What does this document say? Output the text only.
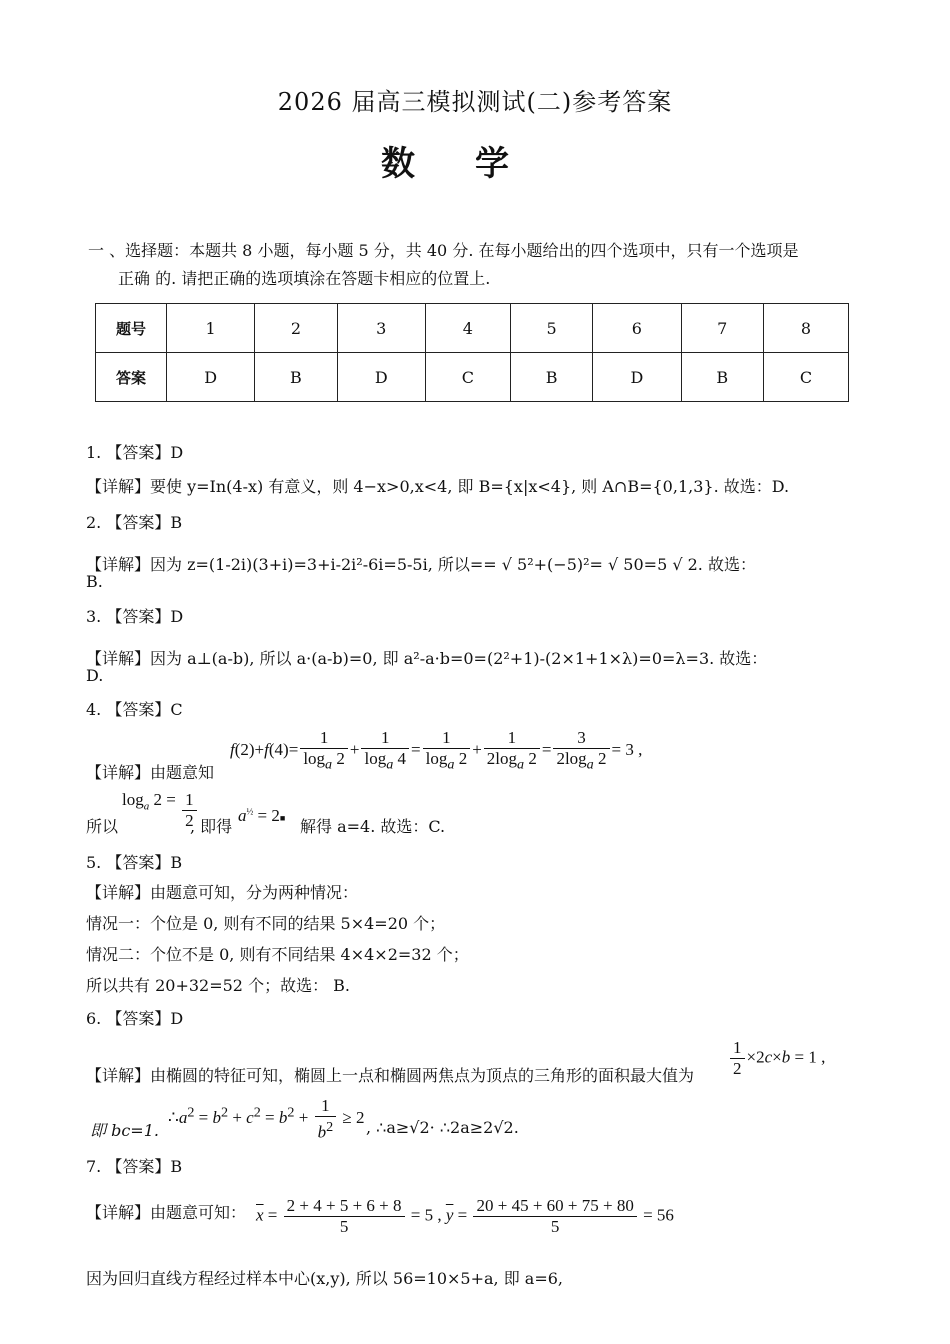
2026 届高三模拟测试(二)参考答案
数学
一 、选择题：本题共 8 小题，每小题 5 分，共 40 分. 在每小题给出的四个选项中，只有一个选项是
正确 的. 请把正确的选项填涂在答题卡相应的位置上.
题号	1	2	3	4	5	6	7	8
答案	D	B	D	C	B	D	B	C
1. 【答案】D
【详解】要使 y=In(4-x) 有意义，则 4−x>0,x<4, 即 B={x|x<4}, 则 A∩B={0,1,3}. 故选：D.
2. 【答案】B
【详解】因为 z=(1-2i)(3+i)=3+i-2i²-6i=5-5i, 所以== √ 5²+(−5)²= √ 50=5 √ 2. 故选：
B.
3. 【答案】D
【详解】因为 a⊥(a-b), 所以 a·(a-b)=0, 即 a²-a·b=0=(2²+1)-(2×1+1×λ)=0=λ=3. 故选：
D.
4. 【答案】C
$f(2)+f(4)= \frac{1}{\log_a 2} + \frac{1}{\log_a 4} = \frac{1}{\log_a 2} + \frac{1}{2\log_a 2} = \frac{3}{2\log_a 2} = 3$ ,
【详解】由题意知
所以
$\log_a 2 = \frac{1}{2}$
, 即得
$a^{\frac{1}{2}}$ = 2■ 解得 a=4. 故选：C.
5. 【答案】B
【详解】由题意可知，分为两种情况：
情况一：个位是 0, 则有不同的结果 5×4=20 个；
情况二：个位不是 0, 则有不同结果 4×4×2=32 个；
所以共有 20+32=52 个；故选： B.
6. 【答案】D
$\frac{1}{2} \times 2c\times b = 1$ ,
【详解】由椭圆的特征可知，椭圆上一点和椭圆两焦点为顶点的三角形的面积最大值为
即 bc=1.
$\therefore a^2 = b^2 + c^2 = b^2 + \frac{1}{b^2} \ge 2$
, ∴a≥√2· ∴2a≥2√2.
7. 【答案】B
【详解】由题意可知： $\overline{x} = \frac{2 + 4 + 5 + 6 + 8}{5} = 5$ , $\overline{y} = \frac{20 + 45 + 60 + 75 + 80}{5} = 56$
因为回归直线方程经过样本中心(x,y), 所以 56=10×5+a, 即 a=6,
